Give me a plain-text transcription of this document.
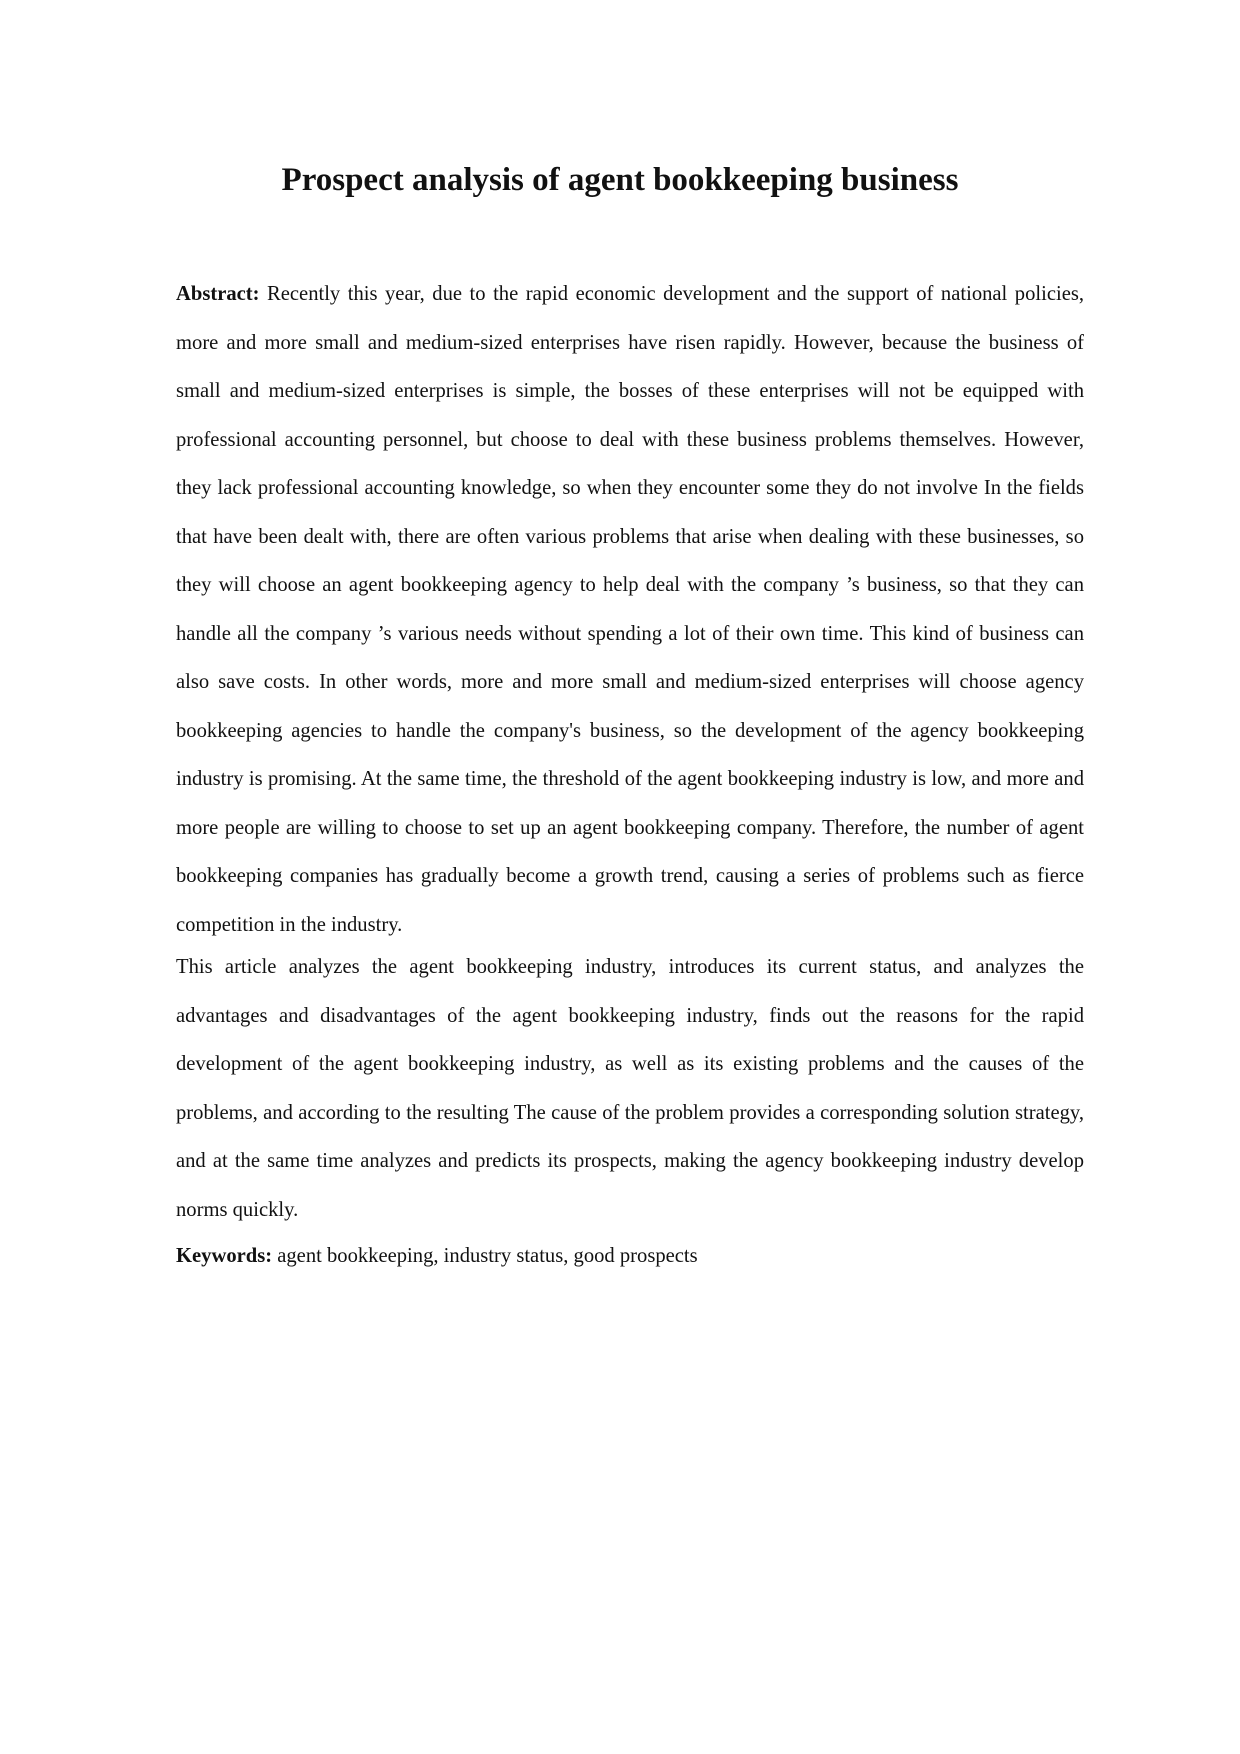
Prospect analysis of agent bookkeeping business

Abstract: Recently this year, due to the rapid economic development and the support of national policies, more and more small and medium-sized enterprises have risen rapidly. However, because the business of small and medium-sized enterprises is simple, the bosses of these enterprises will not be equipped with professional accounting personnel, but choose to deal with these business problems themselves. However, they lack professional accounting knowledge, so when they encounter some they do not involve In the fields that have been dealt with, there are often various problems that arise when dealing with these businesses, so they will choose an agent bookkeeping agency to help deal with the company ’s business, so that they can handle all the company ’s various needs without spending a lot of their own time. This kind of business can also save costs. In other words, more and more small and medium-sized enterprises will choose agency bookkeeping agencies to handle the company's business, so the development of the agency bookkeeping industry is promising. At the same time, the threshold of the agent bookkeeping industry is low, and more and more people are willing to choose to set up an agent bookkeeping company. Therefore, the number of agent bookkeeping companies has gradually become a growth trend, causing a series of problems such as fierce competition in the industry.

This article analyzes the agent bookkeeping industry, introduces its current status, and analyzes the advantages and disadvantages of the agent bookkeeping industry, finds out the reasons for the rapid development of the agent bookkeeping industry, as well as its existing problems and the causes of the problems, and according to the resulting The cause of the problem provides a corresponding solution strategy, and at the same time analyzes and predicts its prospects, making the agency bookkeeping industry develop norms quickly.

Keywords: agent bookkeeping, industry status, good prospects
